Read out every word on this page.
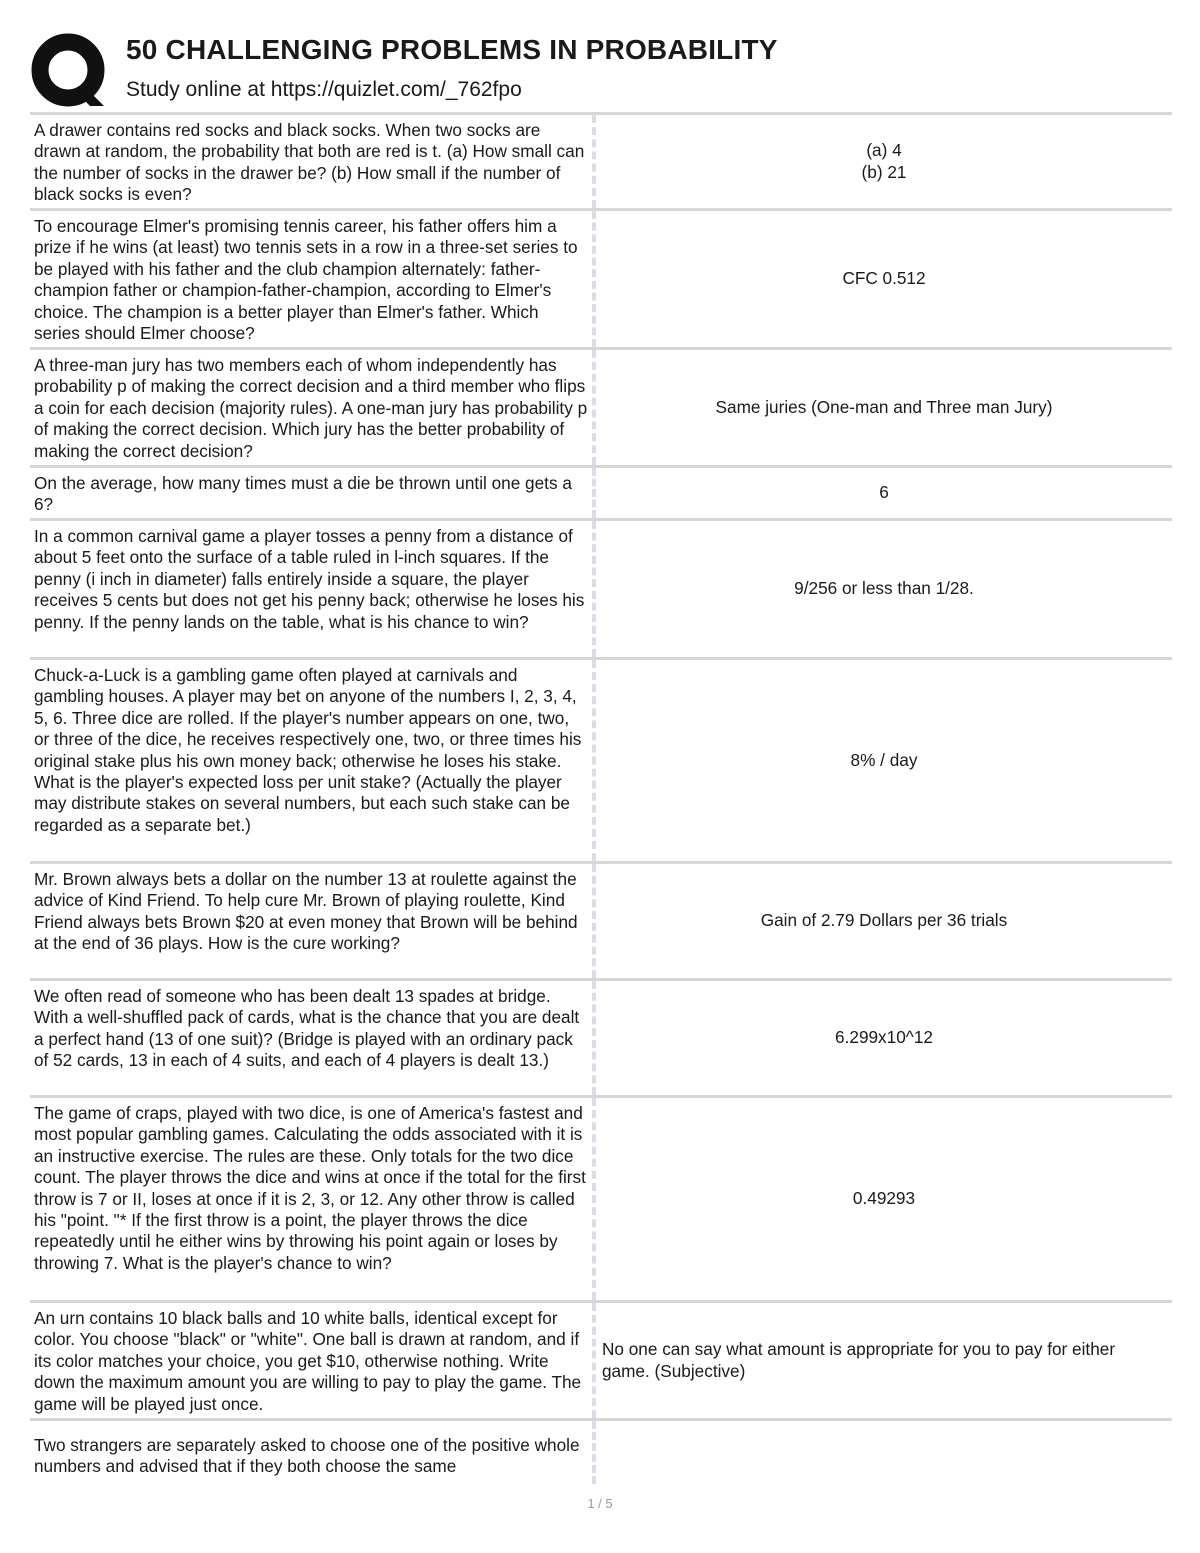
50 CHALLENGING PROBLEMS IN PROBABILITY
Study online at https://quizlet.com/_762fpo
A drawer contains red socks and black socks. When two socks are drawn at random, the probability that both are red is t. (a) How small can the number of socks in the drawer be? (b) How small if the number of black socks is even?
(a) 4
(b) 21
To encourage Elmer's promising tennis career, his father offers him a prize if he wins (at least) two tennis sets in a row in a three-set series to be played with his father and the club champion alternately: father-champion father or champion-father-champion, according to Elmer's choice. The champion is a better player than Elmer's father. Which series should Elmer choose?
CFC 0.512
A three-man jury has two members each of whom independently has probability p of making the correct decision and a third member who flips a coin for each decision (majority rules). A one-man jury has probability p of making the correct decision. Which jury has the better probability of making the correct decision?
Same juries (One-man and Three man Jury)
On the average, how many times must a die be thrown until one gets a 6?
6
In a common carnival game a player tosses a penny from a distance of about 5 feet onto the surface of a table ruled in l-inch squares. If the penny (i inch in diameter) falls entirely inside a square, the player receives 5 cents but does not get his penny back; otherwise he loses his penny. If the penny lands on the table, what is his chance to win?
9/256 or less than 1/28.
Chuck-a-Luck is a gambling game often played at carnivals and gambling houses. A player may bet on anyone of the numbers I, 2, 3, 4, 5, 6. Three dice are rolled. If the player's number appears on one, two, or three of the dice, he receives respectively one, two, or three times his original stake plus his own money back; otherwise he loses his stake. What is the player's expected loss per unit stake? (Actually the player may distribute stakes on several numbers, but each such stake can be regarded as a separate bet.)
8% / day
Mr. Brown always bets a dollar on the number 13 at roulette against the advice of Kind Friend. To help cure Mr. Brown of playing roulette, Kind Friend always bets Brown $20 at even money that Brown will be behind at the end of 36 plays. How is the cure working?
Gain of 2.79 Dollars per 36 trials
We often read of someone who has been dealt 13 spades at bridge. With a well-shuffled pack of cards, what is the chance that you are dealt a perfect hand (13 of one suit)? (Bridge is played with an ordinary pack of 52 cards, 13 in each of 4 suits, and each of 4 players is dealt 13.)
6.299x10^12
The game of craps, played with two dice, is one of America's fastest and most popular gambling games. Calculating the odds associated with it is an instructive exercise. The rules are these. Only totals for the two dice count. The player throws the dice and wins at once if the total for the first throw is 7 or II, loses at once if it is 2, 3, or 12. Any other throw is called his "point. "* If the first throw is a point, the player throws the dice repeatedly until he either wins by throwing his point again or loses by throwing 7. What is the player's chance to win?
0.49293
An urn contains 10 black balls and 10 white balls, identical except for color. You choose "black" or "white". One ball is drawn at random, and if its color matches your choice, you get $10, otherwise nothing. Write down the maximum amount you are willing to pay to play the game. The game will be played just once.
No one can say what amount is appropriate for you to pay for either game. (Subjective)
Two strangers are separately asked to choose one of the positive whole numbers and advised that if they both choose the same
1 / 5
